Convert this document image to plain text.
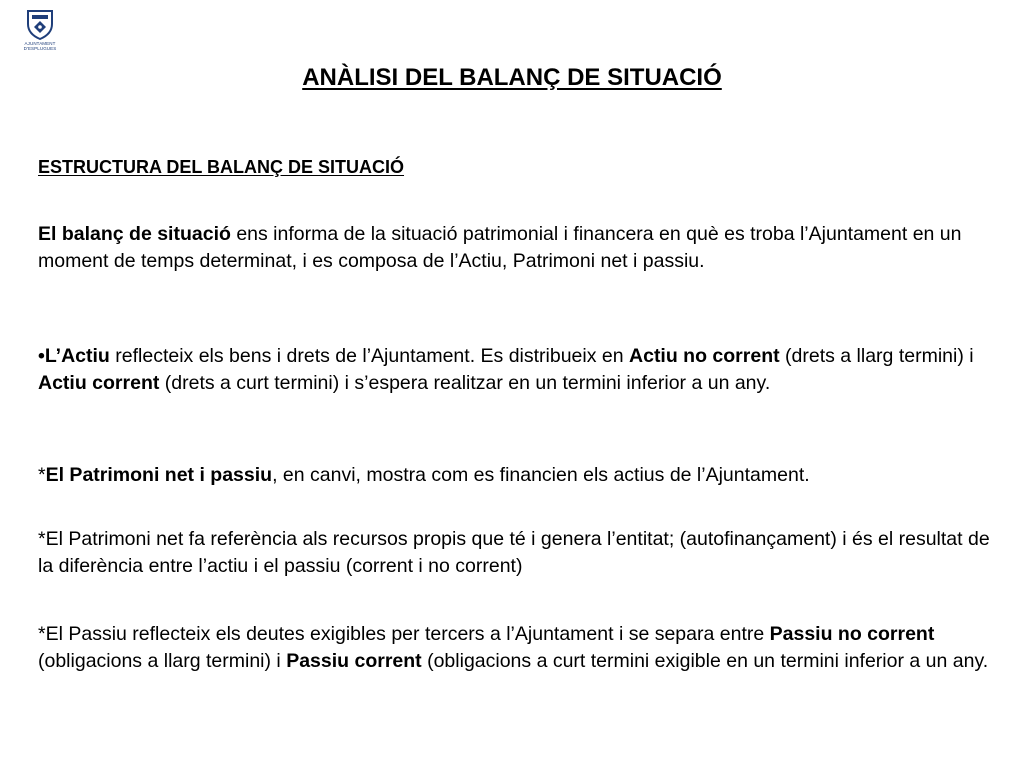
AJUNTAMENT
D'ESPLUGUES
ANÀLISI DEL BALANÇ DE SITUACIÓ
ESTRUCTURA DEL BALANÇ DE SITUACIÓ
El balanç de situació ens informa de la situació patrimonial i financera en què es troba l’Ajuntament en un moment de temps determinat, i es composa de l’Actiu, Patrimoni net i passiu.
•L’Actiu reflecteix els bens i drets de l’Ajuntament. Es distribueix en Actiu no corrent (drets a llarg termini) i Actiu corrent (drets a curt termini) i s’espera realitzar en un termini inferior a un any.
*El Patrimoni net i passiu, en canvi, mostra com es financien els actius de l’Ajuntament.
*El Patrimoni net fa referència als recursos propis que té i genera l’entitat; (autofinançament) i és el resultat de la diferència entre l’actiu i el passiu (corrent i no corrent)
*El Passiu reflecteix els deutes exigibles per tercers a l’Ajuntament i se separa entre Passiu no corrent (obligacions a llarg termini) i Passiu corrent (obligacions a curt termini exigible en un termini inferior a un any.
